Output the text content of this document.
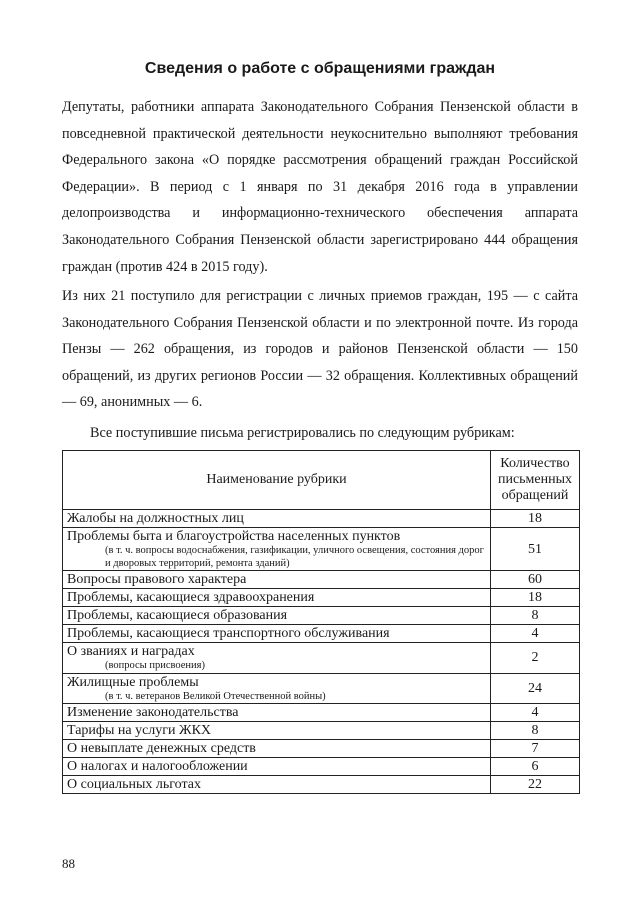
Сведения о работе с обращениями граждан

Депутаты, работники аппарата Законодательного Собрания Пензенской области в повседневной практической деятельности неукоснительно выполняют требования Федерального закона «О порядке рассмотрения обращений граждан Российской Федерации». В период с 1 января по 31 декабря 2016 года в управлении делопроизводства и информационно-технического обеспечения аппарата Законодательного Собрания Пензенской области зарегистрировано 444 обращения граждан (против 424 в 2015 году).

Из них 21 поступило для регистрации с личных приемов граждан, 195 — с сайта Законодательного Собрания Пензенской области и по электронной почте. Из города Пензы — 262 обращения, из городов и районов Пензенской области — 150 обращений, из других регионов России — 32 обращения. Коллективных обращений — 69, анонимных — 6.

Все поступившие письма регистрировались по следующим рубрикам:
Наименование рубрики	Количество письменных обращений
Жалобы на должностных лиц	18
Проблемы быта и благоустройства населенных пунктов
(в т. ч. вопросы водоснабжения, газификации, уличного освещения, состояния дорог и дворовых территорий, ремонта зданий)	51
Вопросы правового характера	60
Проблемы, касающиеся здравоохранения	18
Проблемы, касающиеся образования	8
Проблемы, касающиеся транспортного обслуживания	4
О званиях и наградах
(вопросы присвоения)	2
Жилищные проблемы
(в т. ч. ветеранов Великой Отечественной войны)	24
Изменение законодательства	4
Тарифы на услуги ЖКХ	8
О невыплате денежных средств	7
О налогах и налогообложении	6
О социальных льготах	22
88
